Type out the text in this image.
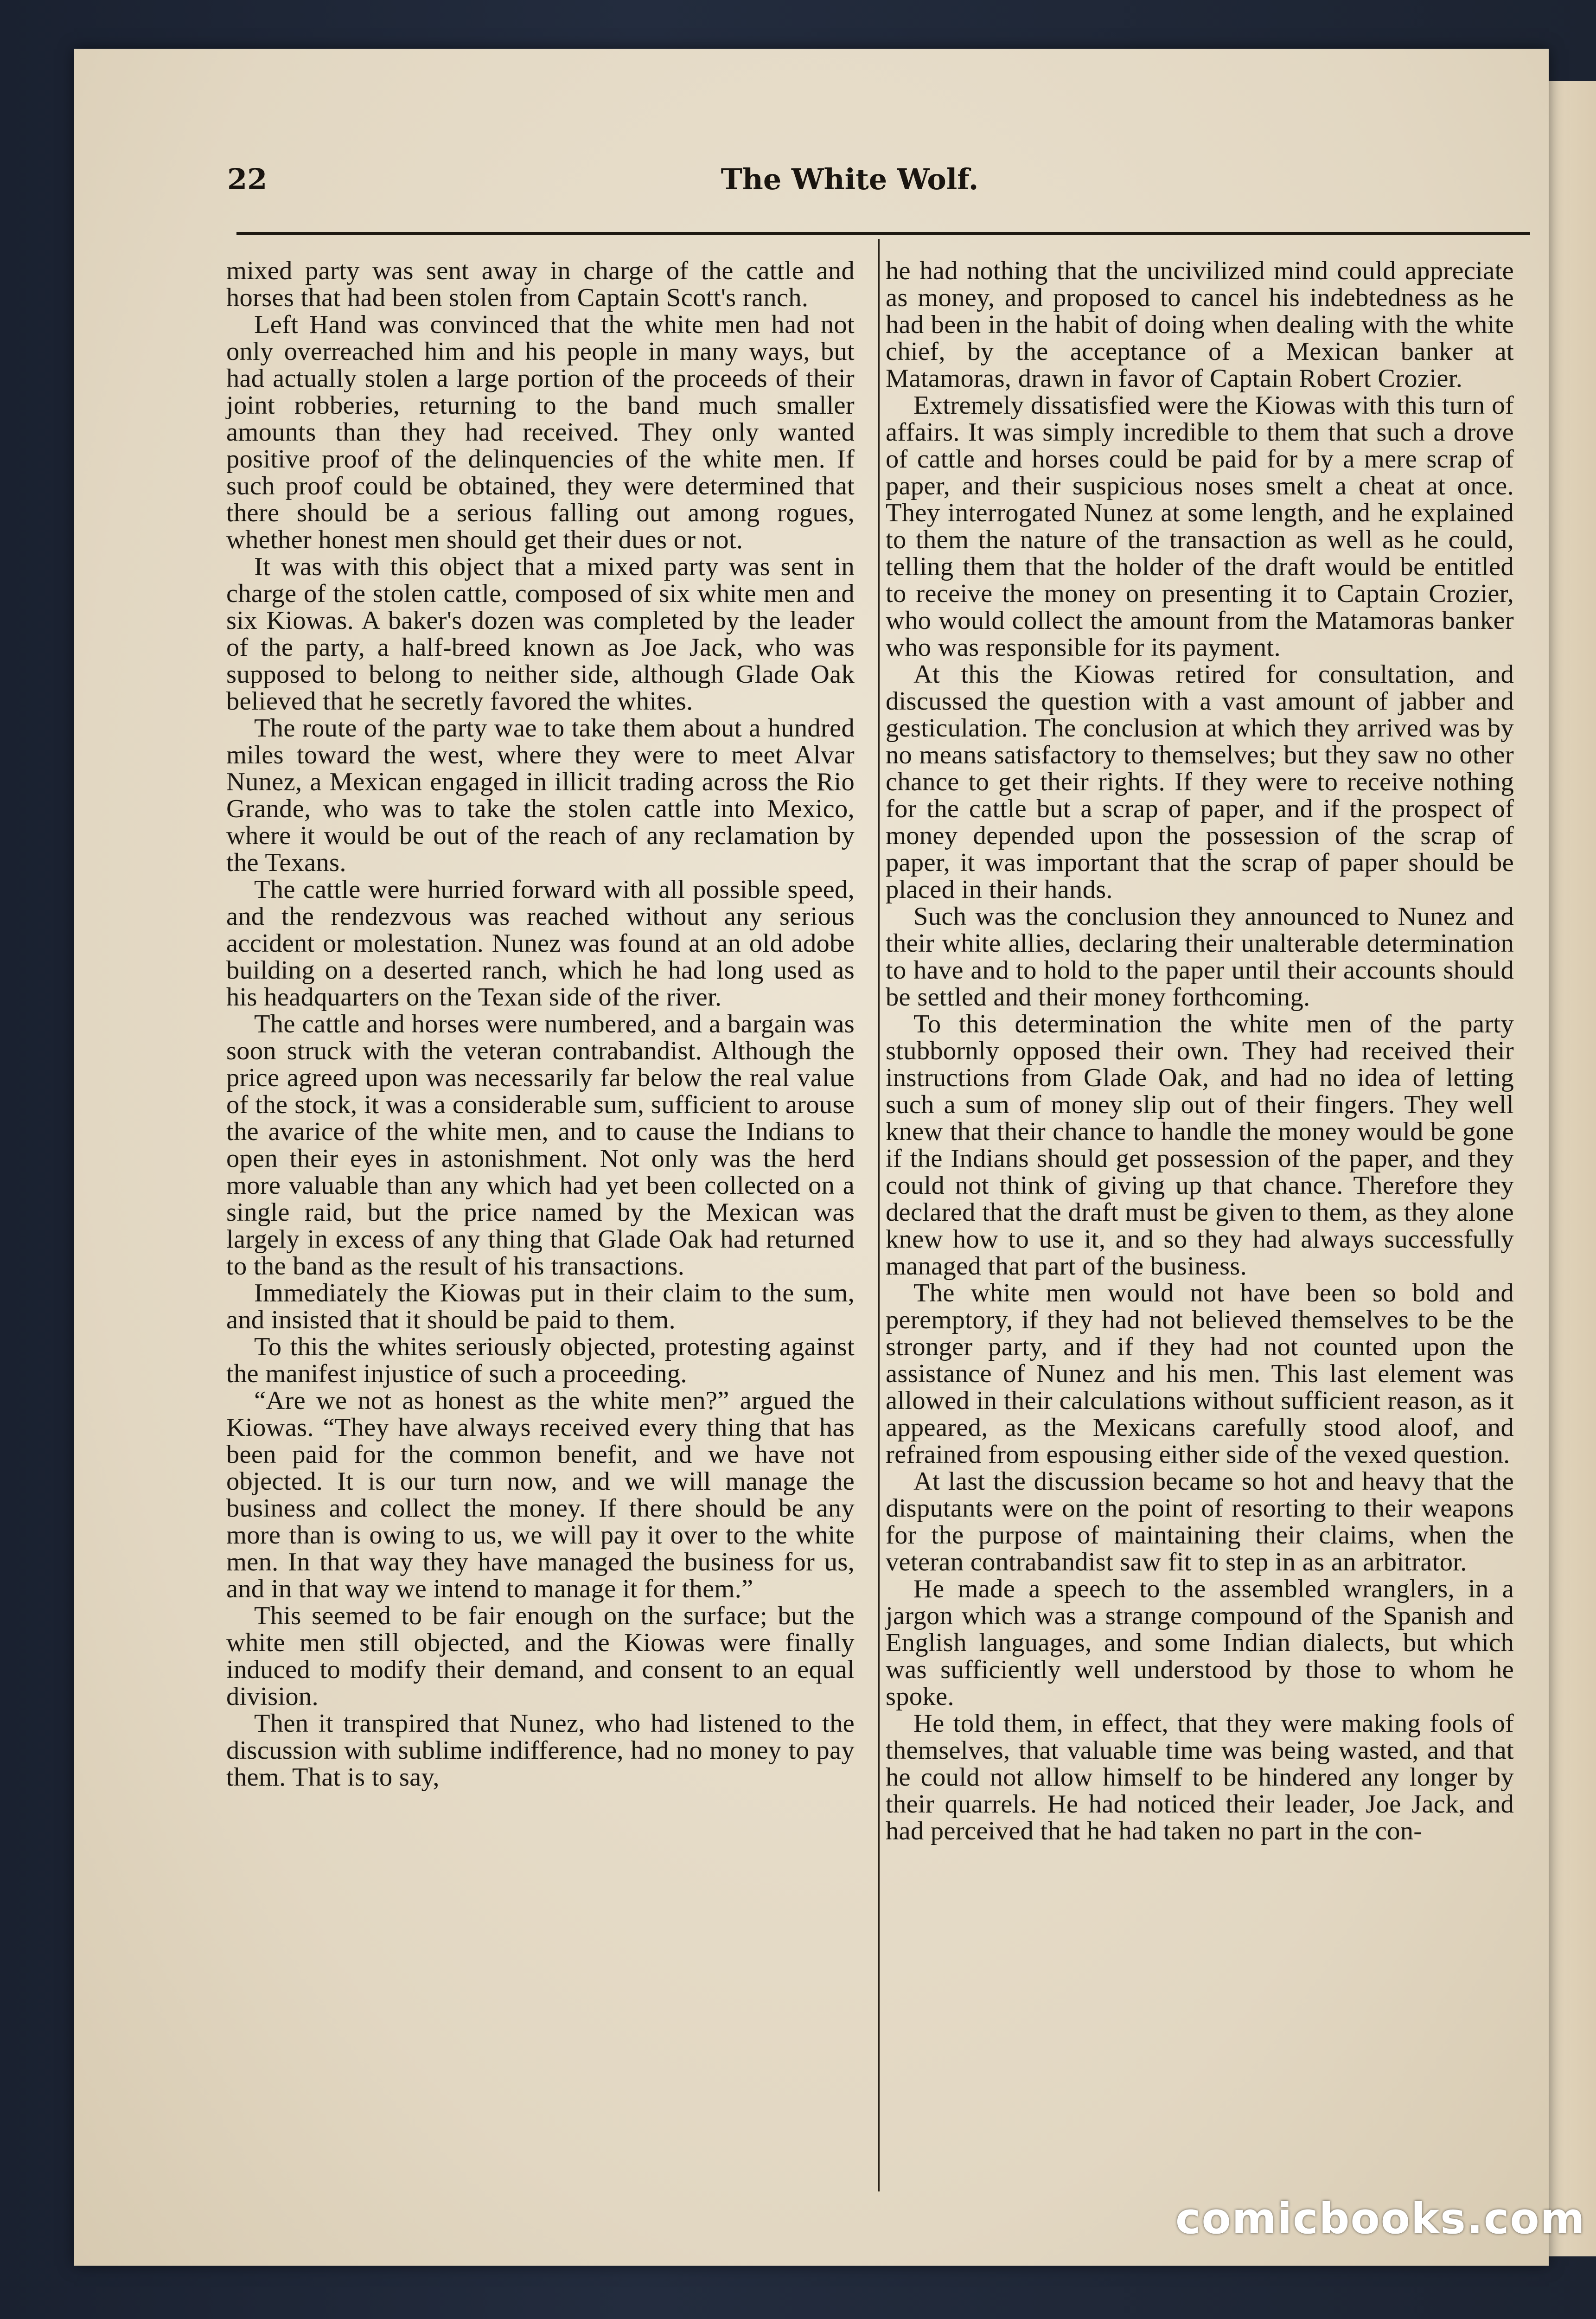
22	The White Wolf.

mixed party was sent away in charge of the cattle and horses that had been stolen from Captain Scott's ranch.

Left Hand was convinced that the white men had not only overreached him and his people in many ways, but had actually stolen a large portion of the proceeds of their joint robberies, returning to the band much smaller amounts than they had received. They only wanted positive proof of the delinquencies of the white men. If such proof could be obtained, they were determined that there should be a serious falling out among rogues, whether honest men should get their dues or not.

It was with this object that a mixed party was sent in charge of the stolen cattle, composed of six white men and six Kiowas. A baker's dozen was completed by the leader of the party, a half-breed known as Joe Jack, who was supposed to belong to neither side, although Glade Oak believed that he secretly favored the whites.

The route of the party wae to take them about a hundred miles toward the west, where they were to meet Alvar Nunez, a Mexican engaged in illicit trading across the Rio Grande, who was to take the stolen cattle into Mexico, where it would be out of the reach of any reclamation by the Texans.

The cattle were hurried forward with all possible speed, and the rendezvous was reached without any serious accident or molestation. Nunez was found at an old adobe building on a deserted ranch, which he had long used as his headquarters on the Texan side of the river.

The cattle and horses were numbered, and a bargain was soon struck with the veteran contrabandist. Although the price agreed upon was necessarily far below the real value of the stock, it was a considerable sum, sufficient to arouse the avarice of the white men, and to cause the Indians to open their eyes in astonishment. Not only was the herd more valuable than any which had yet been collected on a single raid, but the price named by the Mexican was largely in excess of any thing that Glade Oak had returned to the band as the result of his transactions.

Immediately the Kiowas put in their claim to the sum, and insisted that it should be paid to them.

To this the whites seriously objected, protesting against the manifest injustice of such a proceeding.

“Are we not as honest as the white men?” argued the Kiowas. “They have always received every thing that has been paid for the common benefit, and we have not objected. It is our turn now, and we will manage the business and collect the money. If there should be any more than is owing to us, we will pay it over to the white men. In that way they have managed the business for us, and in that way we intend to manage it for them.”

This seemed to be fair enough on the surface; but the white men still objected, and the Kiowas were finally induced to modify their demand, and consent to an equal division.

Then it transpired that Nunez, who had listened to the discussion with sublime indifference, had no money to pay them. That is to say,

he had nothing that the uncivilized mind could appreciate as money, and proposed to cancel his indebtedness as he had been in the habit of doing when dealing with the white chief, by the acceptance of a Mexican banker at Matamoras, drawn in favor of Captain Robert Crozier.

Extremely dissatisfied were the Kiowas with this turn of affairs. It was simply incredible to them that such a drove of cattle and horses could be paid for by a mere scrap of paper, and their suspicious noses smelt a cheat at once. They interrogated Nunez at some length, and he explained to them the nature of the transaction as well as he could, telling them that the holder of the draft would be entitled to receive the money on presenting it to Captain Crozier, who would collect the amount from the Matamoras banker who was responsible for its payment.

At this the Kiowas retired for consultation, and discussed the question with a vast amount of jabber and gesticulation. The conclusion at which they arrived was by no means satisfactory to themselves; but they saw no other chance to get their rights. If they were to receive nothing for the cattle but a scrap of paper, and if the prospect of money depended upon the possession of the scrap of paper, it was important that the scrap of paper should be placed in their hands.

Such was the conclusion they announced to Nunez and their white allies, declaring their unalterable determination to have and to hold to the paper until their accounts should be settled and their money forthcoming.

To this determination the white men of the party stubbornly opposed their own. They had received their instructions from Glade Oak, and had no idea of letting such a sum of money slip out of their fingers. They well knew that their chance to handle the money would be gone if the Indians should get possession of the paper, and they could not think of giving up that chance. Therefore they declared that the draft must be given to them, as they alone knew how to use it, and so they had always successfully managed that part of the business.

The white men would not have been so bold and peremptory, if they had not believed themselves to be the stronger party, and if they had not counted upon the assistance of Nunez and his men. This last element was allowed in their calculations without sufficient reason, as it appeared, as the Mexicans carefully stood aloof, and refrained from espousing either side of the vexed question.

At last the discussion became so hot and heavy that the disputants were on the point of resorting to their weapons for the purpose of maintaining their claims, when the veteran contrabandist saw fit to step in as an arbitrator.

He made a speech to the assembled wranglers, in a jargon which was a strange compound of the Spanish and English languages, and some Indian dialects, but which was sufficiently well understood by those to whom he spoke.

He told them, in effect, that they were making fools of themselves, that valuable time was being wasted, and that he could not allow himself to be hindered any longer by their quarrels. He had noticed their leader, Joe Jack, and had perceived that he had taken no part in the con-

comicbooks.com
